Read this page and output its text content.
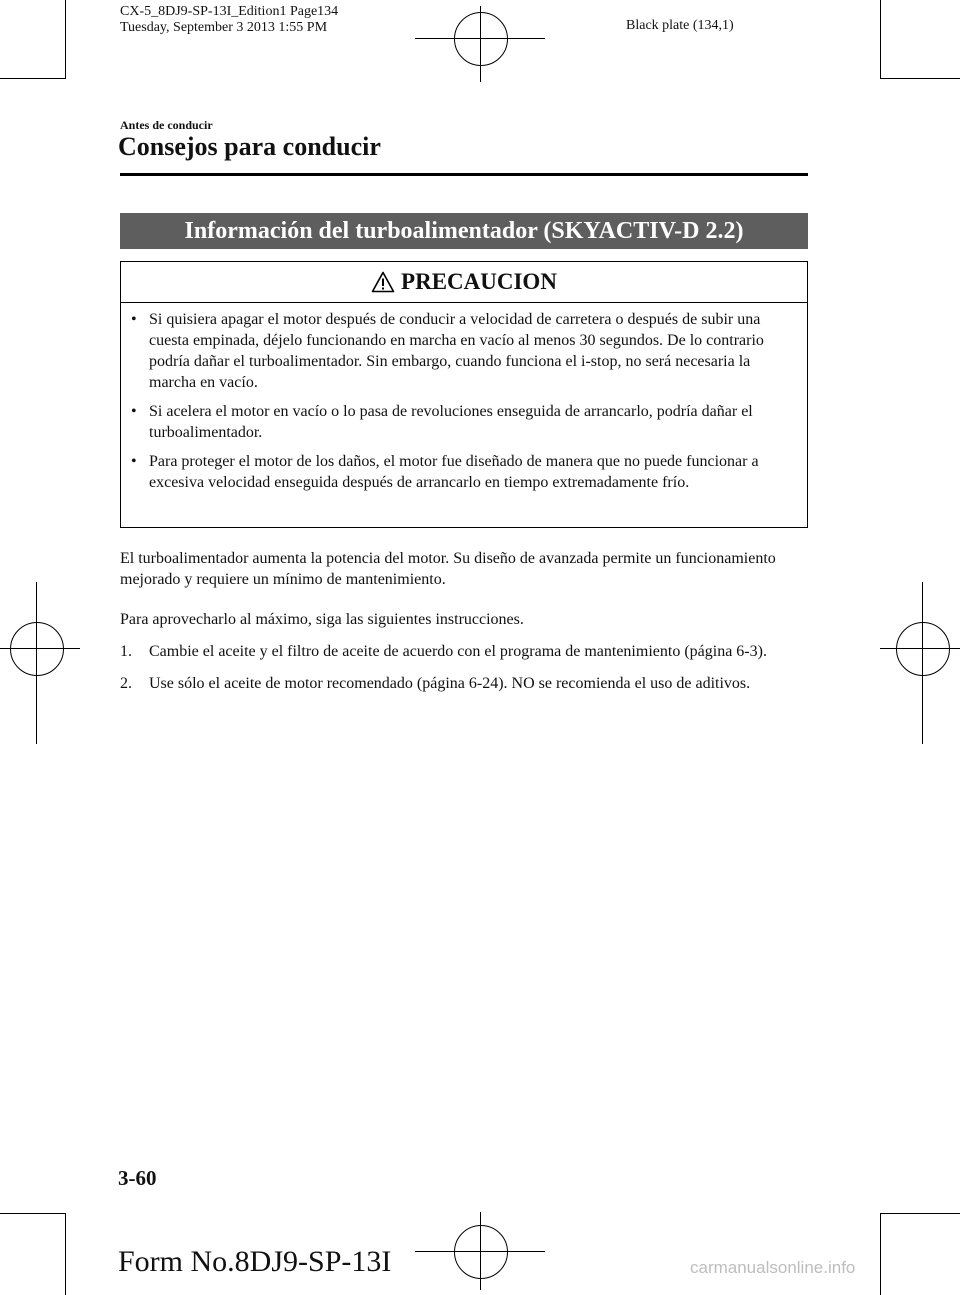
CX-5_8DJ9-SP-13I_Edition1 Page134
Tuesday, September 3 2013 1:55 PM	Black plate (134,1)
Antes de conducir
Consejos para conducir
Información del turboalimentador (SKYACTIV-D 2.2)
PRECAUCION
• Si quisiera apagar el motor después de conducir a velocidad de carretera o después de subir una cuesta empinada, déjelo funcionando en marcha en vacío al menos 30 segundos. De lo contrario podría dañar el turboalimentador. Sin embargo, cuando funciona el i-stop, no será necesaria la marcha en vacío.
• Si acelera el motor en vacío o lo pasa de revoluciones enseguida de arrancarlo, podría dañar el turboalimentador.
• Para proteger el motor de los daños, el motor fue diseñado de manera que no puede funcionar a excesiva velocidad enseguida después de arrancarlo en tiempo extremadamente frío.
El turboalimentador aumenta la potencia del motor. Su diseño de avanzada permite un funcionamiento mejorado y requiere un mínimo de mantenimiento.
Para aprovecharlo al máximo, siga las siguientes instrucciones.
1. Cambie el aceite y el filtro de aceite de acuerdo con el programa de mantenimiento (página 6-3).
2. Use sólo el aceite de motor recomendado (página 6-24). NO se recomienda el uso de aditivos.
3-60
Form No.8DJ9-SP-13I	carmanualsonline.info
